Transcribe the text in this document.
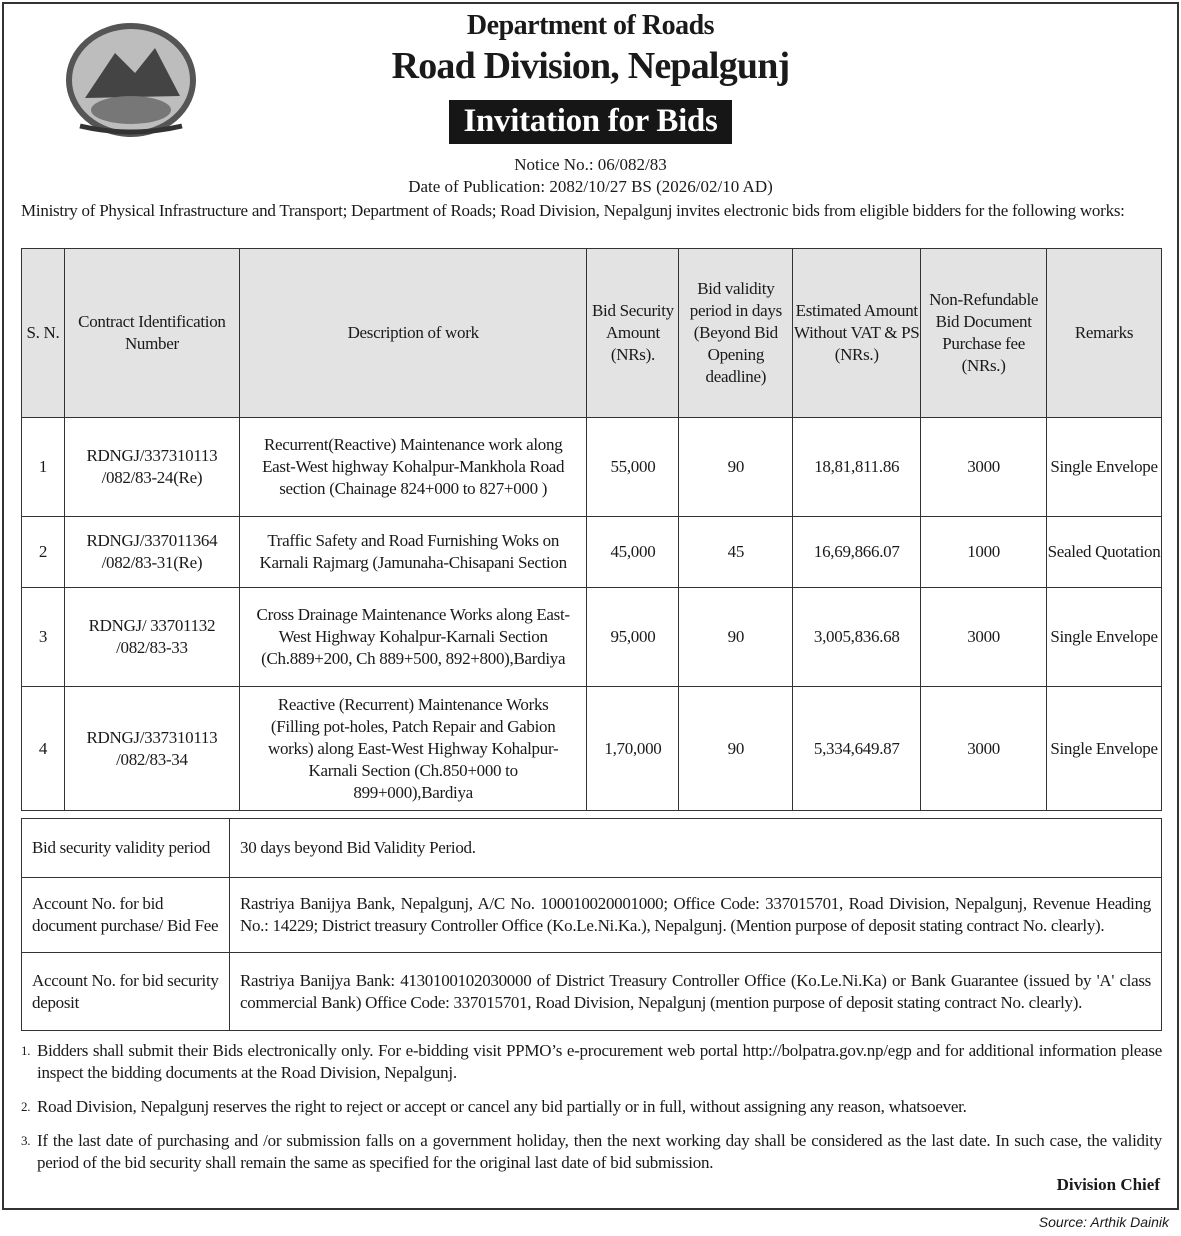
Department of Roads
Road Division, Nepalgunj
Invitation for Bids
Notice No.: 06/082/83
Date of Publication: 2082/10/27 BS (2026/02/10 AD)
Ministry of Physical Infrastructure and Transport; Department of Roads; Road Division, Nepalgunj invites electronic bids from eligible bidders for the following works:
S. N.	Contract Identification Number	Description of work	Bid Security Amount (NRs).	Bid validity period in days (Beyond Bid Opening deadline)	Estimated Amount Without VAT & PS (NRs.)	Non-Refundable Bid Document Purchase fee (NRs.)	Remarks
1	RDNGJ/337310113 /082/83-24(Re)	Recurrent(Reactive) Maintenance work along East-West highway Kohalpur-Mankhola Road section (Chainage 824+000 to 827+000 )	55,000	90	18,81,811.86	3000	Single Envelope
2	RDNGJ/337011364 /082/83-31(Re)	Traffic Safety and Road Furnishing Woks on Karnali Rajmarg (Jamunaha-Chisapani Section	45,000	45	16,69,866.07	1000	Sealed Quotation
3	RDNGJ/ 33701132 /082/83-33	Cross Drainage Maintenance Works along East-West Highway Kohalpur-Karnali Section (Ch.889+200, Ch 889+500, 892+800),Bardiya	95,000	90	3,005,836.68	3000	Single Envelope
4	RDNGJ/337310113 /082/83-34	Reactive (Recurrent) Maintenance Works (Filling pot-holes, Patch Repair and Gabion works) along East-West Highway Kohalpur-Karnali Section (Ch.850+000 to 899+000),Bardiya	1,70,000	90	5,334,649.87	3000	Single Envelope
Bid security validity period	30 days beyond Bid Validity Period.
Account No. for bid document purchase/ Bid Fee	Rastriya Banijya Bank, Nepalgunj, A/C No. 100010020001000; Office Code: 337015701, Road Division, Nepalgunj, Revenue Heading No.: 14229; District treasury Controller Office (Ko.Le.Ni.Ka.), Nepalgunj. (Mention purpose of deposit stating contract No. clearly).
Account No. for bid security deposit	Rastriya Banijya Bank: 4130100102030000 of District Treasury Controller Office (Ko.Le.Ni.Ka) or Bank Guarantee (issued by 'A' class commercial Bank) Office Code: 337015701, Road Division, Nepalgunj (mention purpose of deposit stating contract No. clearly).
1. Bidders shall submit their Bids electronically only. For e-bidding visit PPMO’s e-procurement web portal http://bolpatra.gov.np/egp and for additional information please inspect the bidding documents at the Road Division, Nepalgunj.
2. Road Division, Nepalgunj reserves the right to reject or accept or cancel any bid partially or in full, without assigning any reason, whatsoever.
3. If the last date of purchasing and /or submission falls on a government holiday, then the next working day shall be considered as the last date. In such case, the validity period of the bid security shall remain the same as specified for the original last date of bid submission.
Division Chief
Source: Arthik Dainik
